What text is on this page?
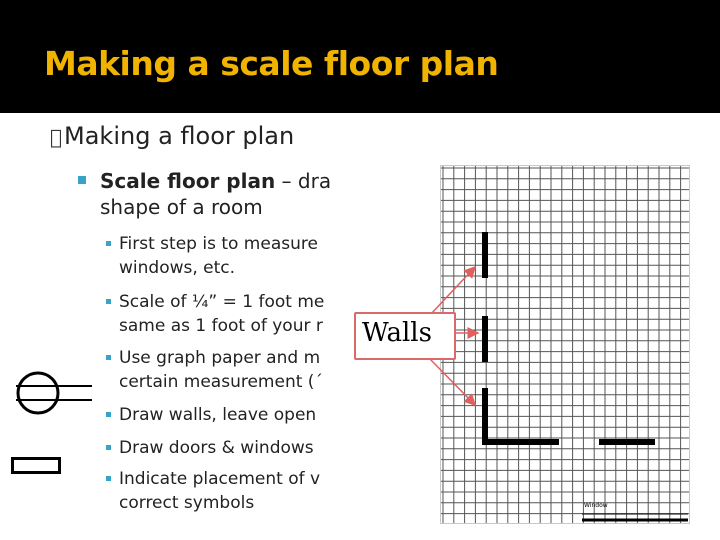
Making a scale floor plan
Making a floor plan
Scale floor plan – dra
shape of a room
First step is to measure
windows, etc.
Scale of ¼” = 1 foot me
same as 1 foot of your r
Use graph paper and m
certain measurement (´
Draw walls, leave open
Draw doors & windows
Indicate placement of v
correct symbols
Walls
Window
